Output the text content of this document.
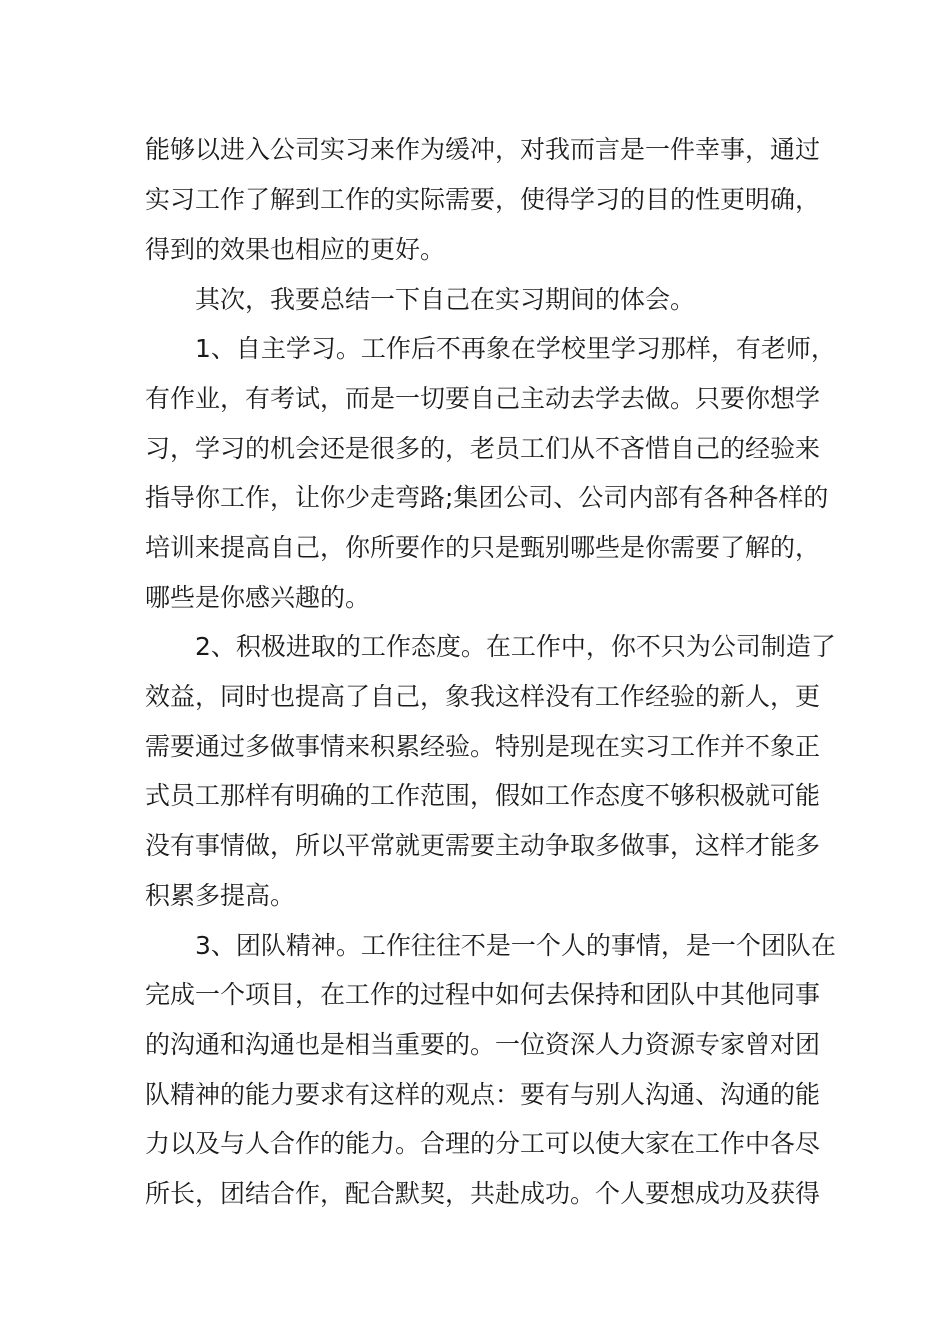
能够以进入公司实习来作为缓冲，对我而言是一件幸事，通过
实习工作了解到工作的实际需要，使得学习的目的性更明确，
得到的效果也相应的更好。
其次，我要总结一下自己在实习期间的体会。
1、自主学习。工作后不再象在学校里学习那样，有老师，
有作业，有考试，而是一切要自己主动去学去做。只要你想学
习，学习的机会还是很多的，老员工们从不吝惜自己的经验来
指导你工作，让你少走弯路;集团公司、公司内部有各种各样的
培训来提高自己，你所要作的只是甄别哪些是你需要了解的，
哪些是你感兴趣的。
2、积极进取的工作态度。在工作中，你不只为公司制造了
效益，同时也提高了自己，象我这样没有工作经验的新人，更
需要通过多做事情来积累经验。特别是现在实习工作并不象正
式员工那样有明确的工作范围，假如工作态度不够积极就可能
没有事情做，所以平常就更需要主动争取多做事，这样才能多
积累多提高。
3、团队精神。工作往往不是一个人的事情，是一个团队在
完成一个项目，在工作的过程中如何去保持和团队中其他同事
的沟通和沟通也是相当重要的。一位资深人力资源专家曾对团
队精神的能力要求有这样的观点：要有与别人沟通、沟通的能
力以及与人合作的能力。合理的分工可以使大家在工作中各尽
所长，团结合作，配合默契，共赴成功。个人要想成功及获得
